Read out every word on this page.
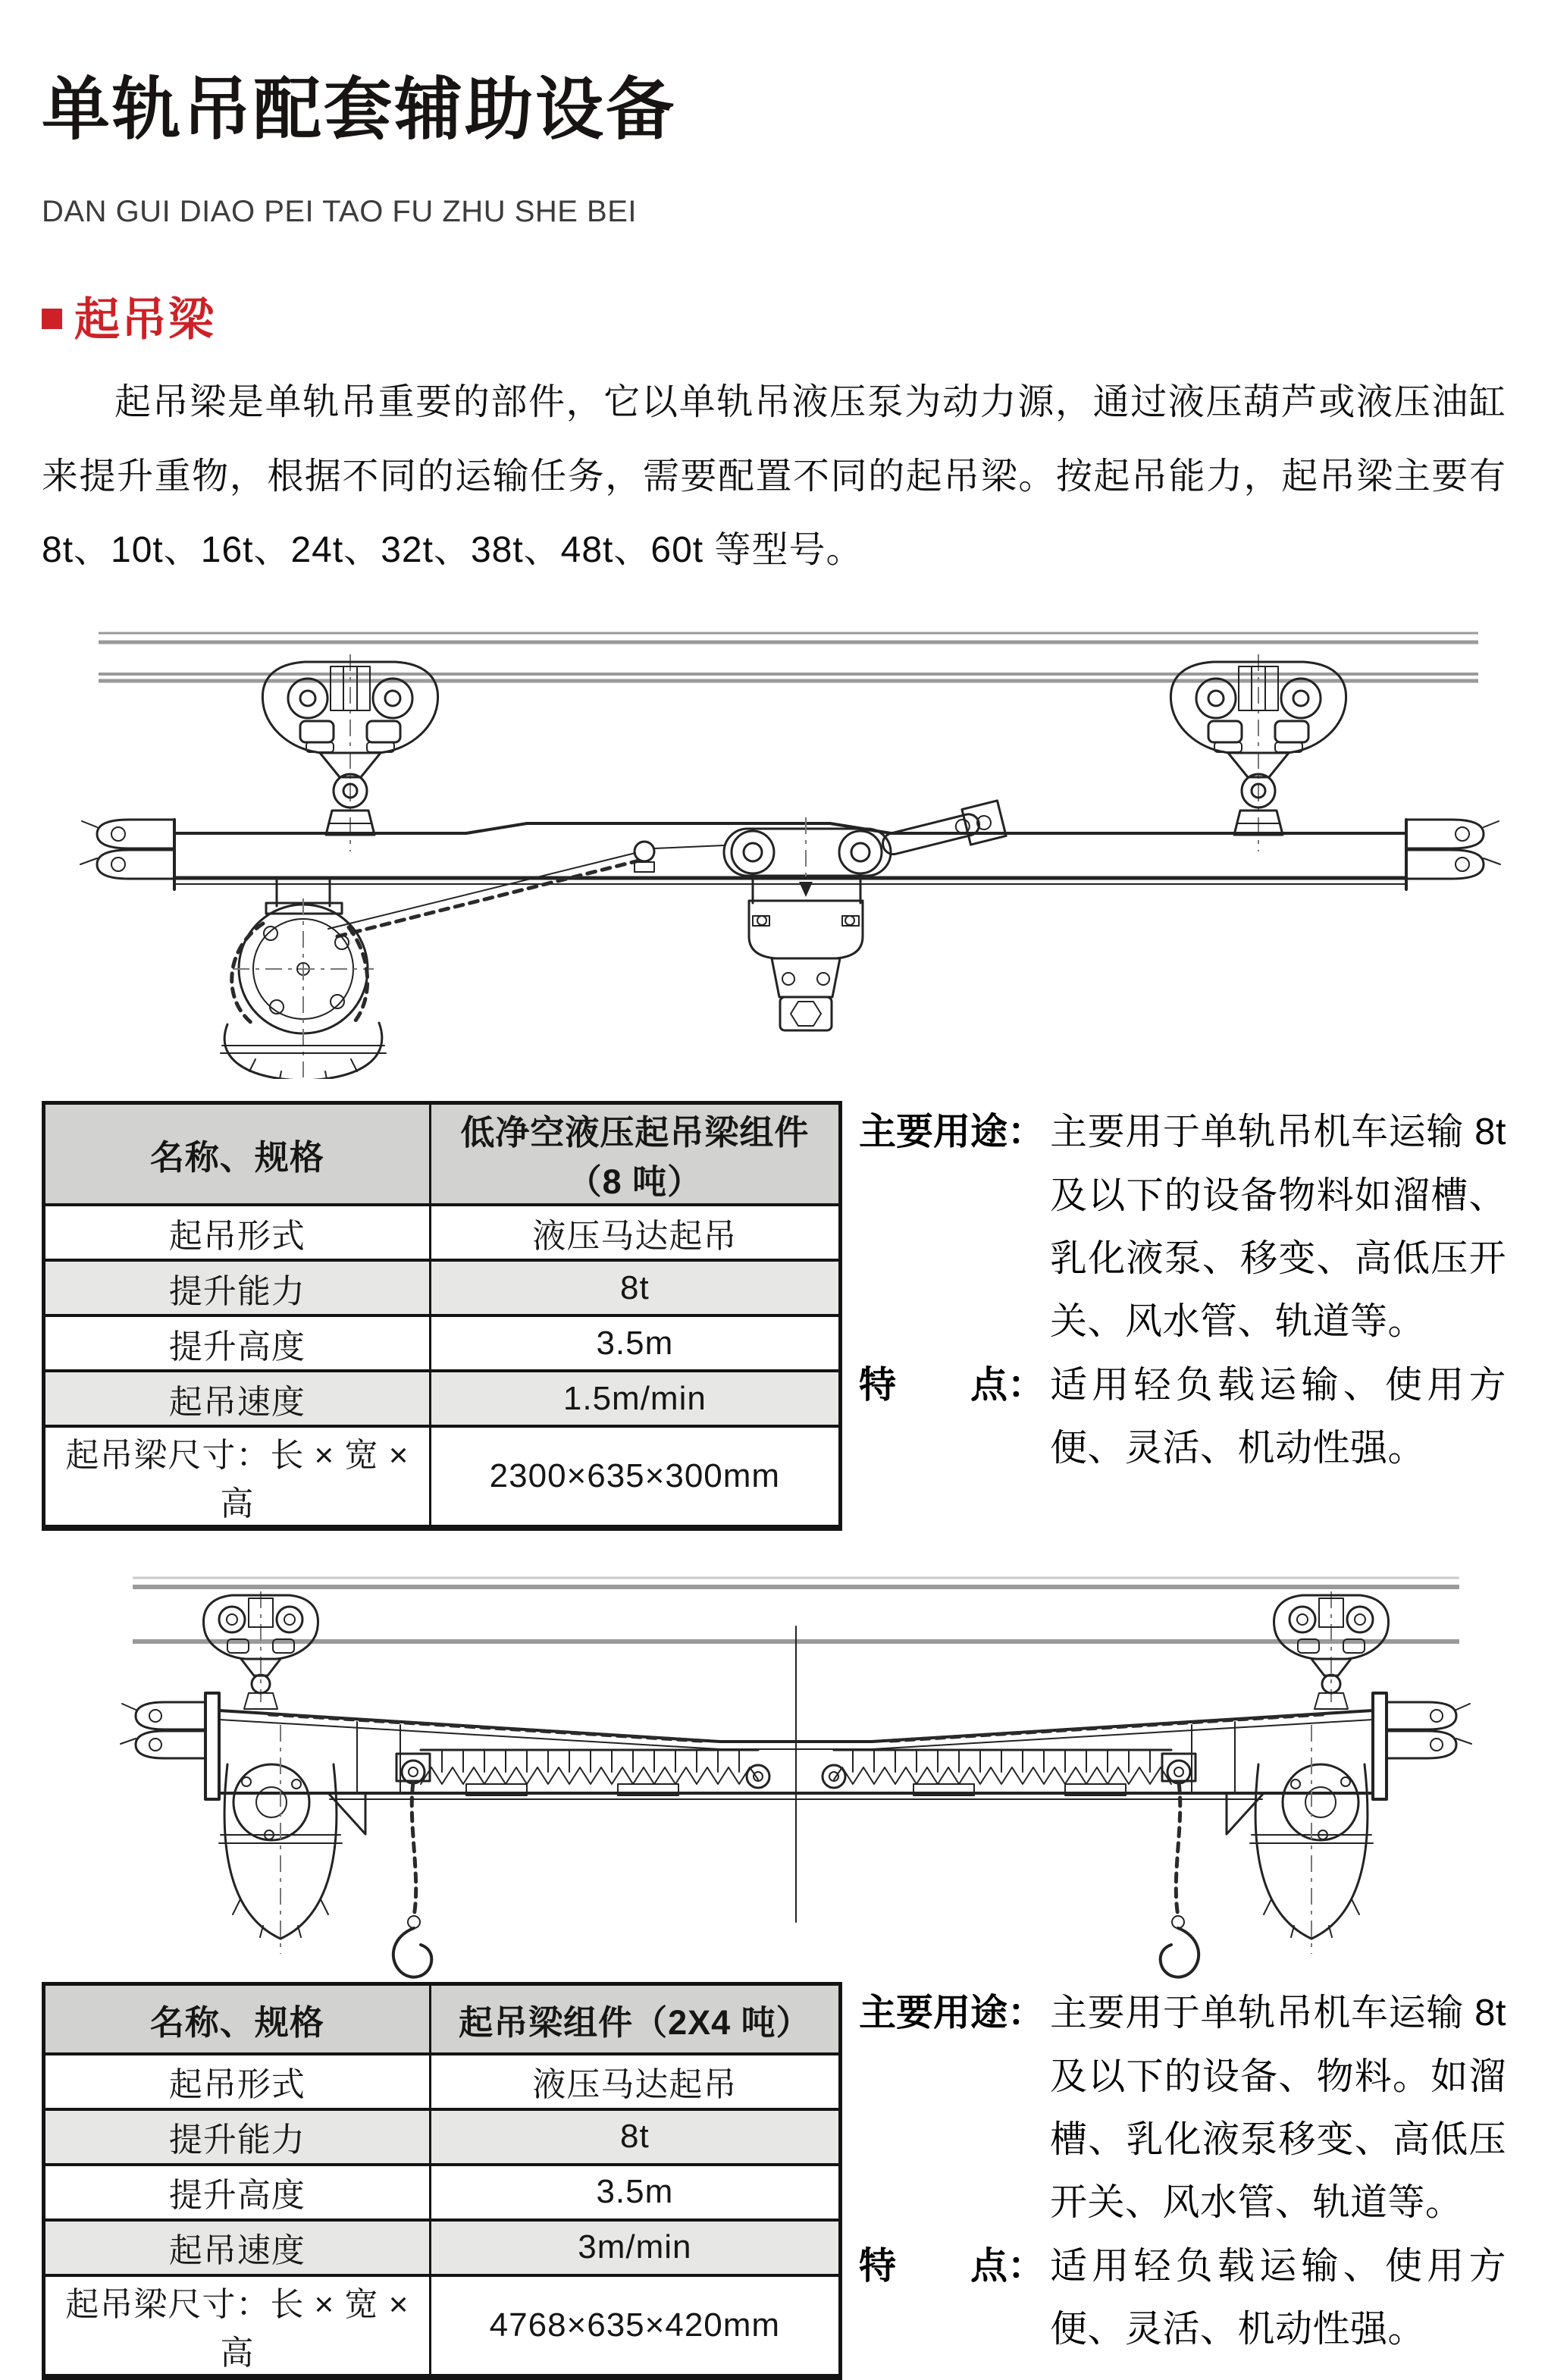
单轨吊配套辅助设备
DAN GUI DIAO PEI TAO FU ZHU SHE BEI
起吊梁

起吊梁是单轨吊重要的部件，它以单轨吊液压泵为动力源，通过液压葫芦或液压油缸来提升重物，根据不同的运输任务，需要配置不同的起吊梁。按起吊能力，起吊梁主要有 8t、10t、16t、24t、32t、38t、48t、60t 等型号。

名称、规格	低净空液压起吊梁组件（8 吨）
起吊形式	液压马达起吊
提升能力	8t
提升高度	3.5m
起吊速度	1.5m/min
起吊梁尺寸：长 × 宽 × 高	2300×635×300mm
主要用途： 主要用于单轨吊机车运输 8t 及以下的设备物料如溜槽、乳化液泵、移变、高低压开关、风水管、轨道等。
特　　点： 适用轻负载运输、使用方便、灵活、机动性强。
名称、规格	起吊梁组件（2X4 吨）
起吊形式	液压马达起吊
提升能力	8t
提升高度	3.5m
起吊速度	3m/min
起吊梁尺寸：长 × 宽 × 高	4768×635×420mm
主要用途： 主要用于单轨吊机车运输 8t 及以下的设备、物料。如溜槽、乳化液泵移变、高低压开关、风水管、轨道等。
特　　点： 适用轻负载运输、使用方便、灵活、机动性强。
